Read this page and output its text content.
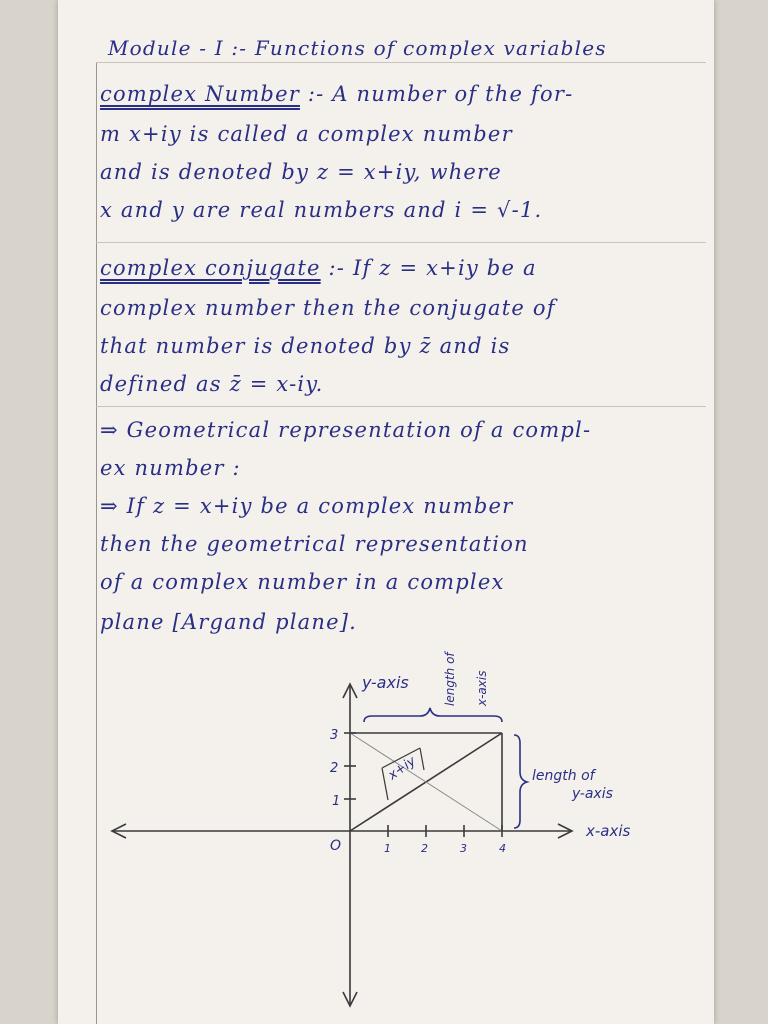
Module - I :- Functions of complex variables
complex Number :- A number of the for-
m x+iy is called a complex number
and is denoted by z = x+iy, where
x and y are real numbers and i = √-1.
complex conjugate :- If z = x+iy be a
complex number then the conjugate of
that number is denoted by z̄ and is
defined as z̄ = x-iy.
⇒ Geometrical representation of a compl-
ex number :
⇒ If z = x+iy be a complex number
then the geometrical representation
of a complex number in a complex
plane [Argand plane].
y-axis
x-axis
O
1
2
3
1	2	3	4
x+iy
length of x-axis
length of
y-axis
